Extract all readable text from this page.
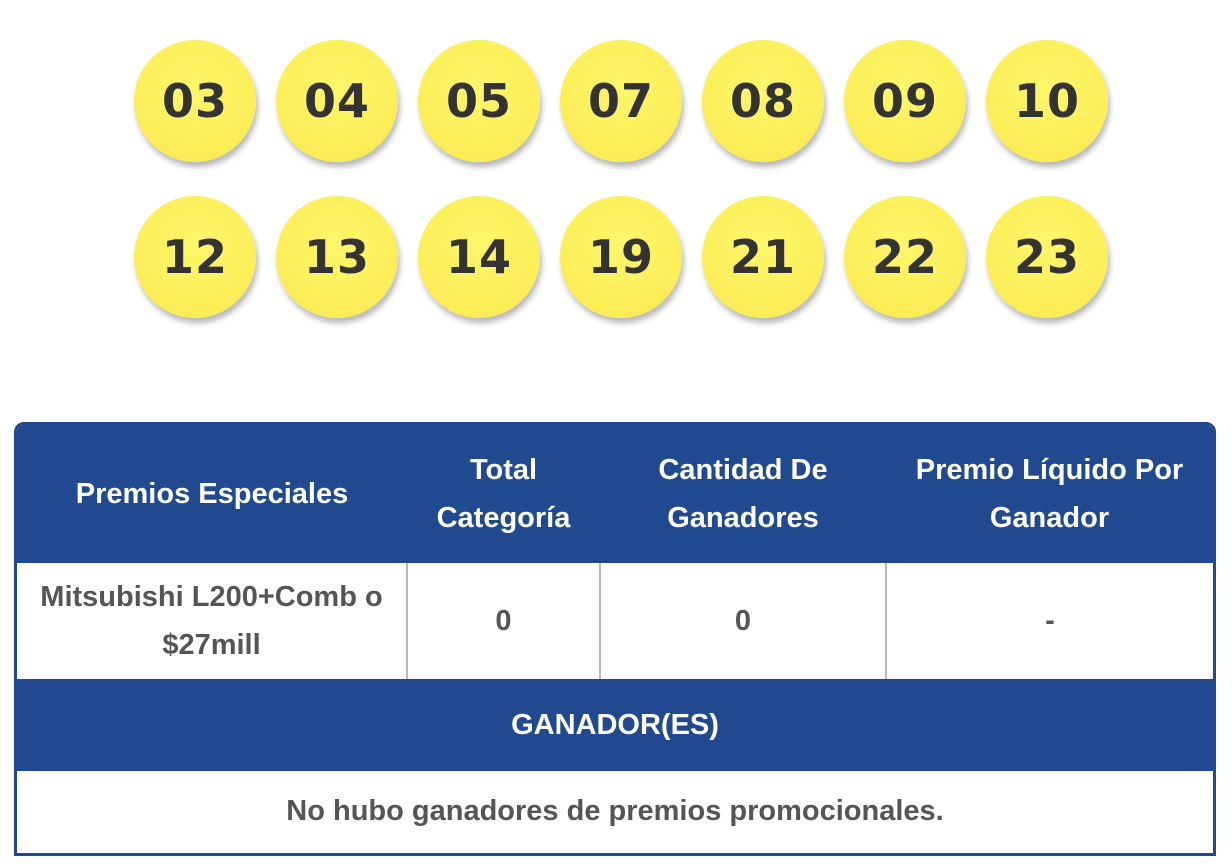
03	04	05	07	08	09	10
12	13	14	19	21	22	23
Premios Especiales	Total Categoría	Cantidad De Ganadores	Premio Líquido Por Ganador
Mitsubishi L200+Comb o $27mill	0	0	-
GANADOR(ES)
No hubo ganadores de premios promocionales.
